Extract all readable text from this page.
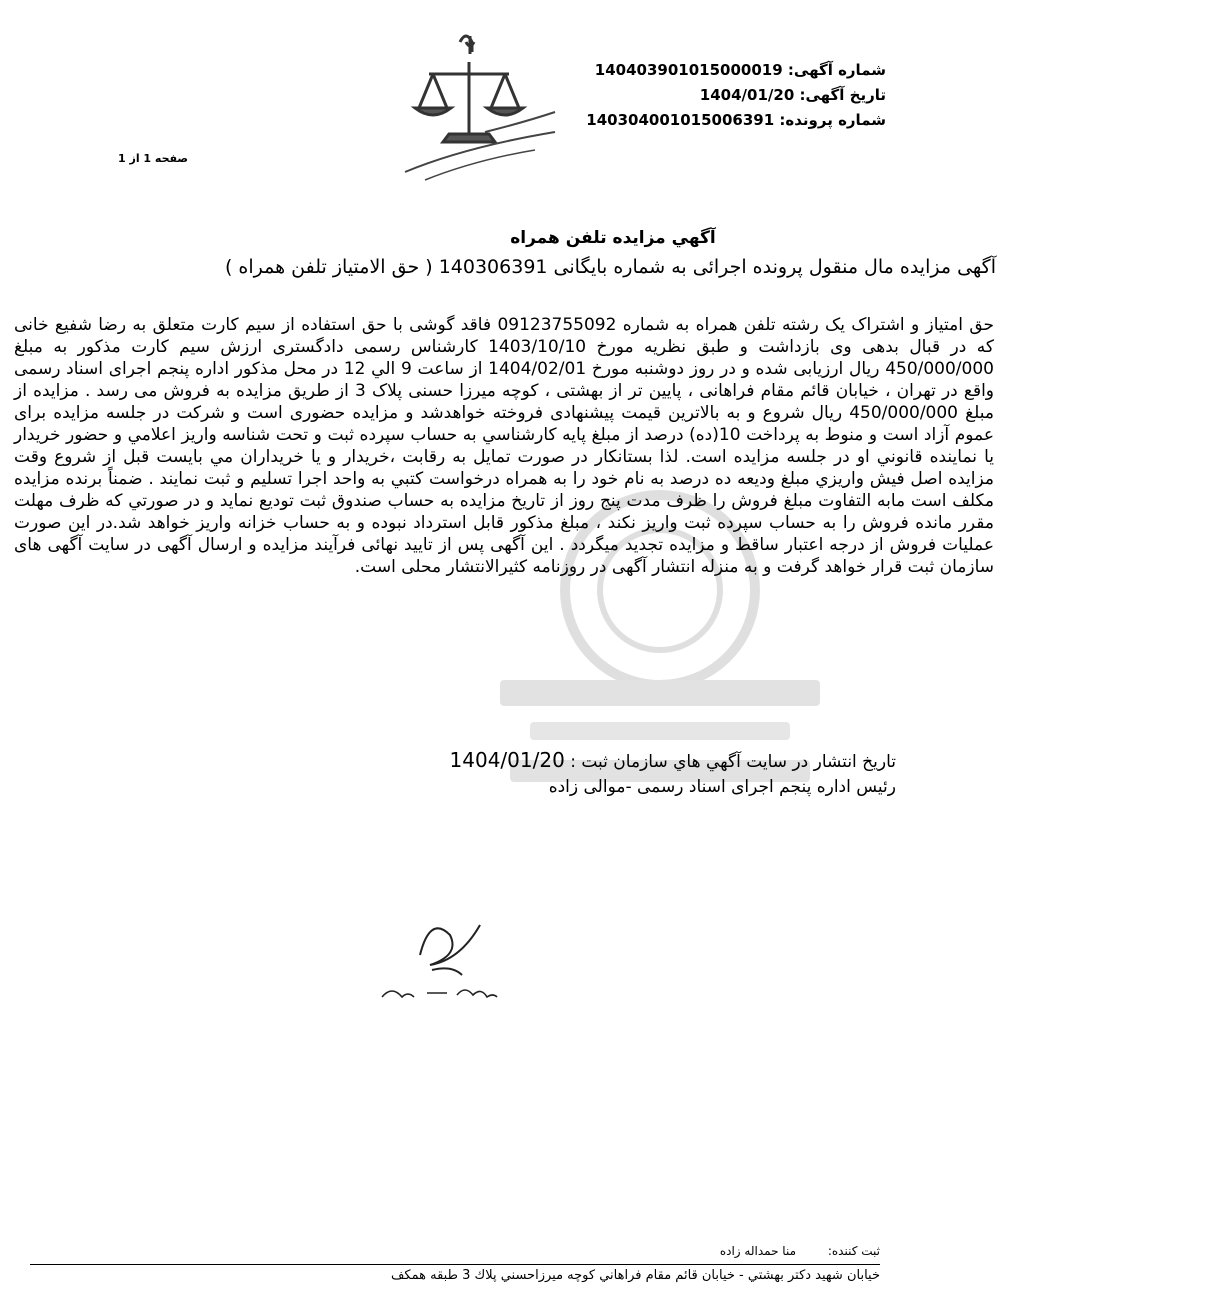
شماره آگهی: 140403901015000019
تاریخ آگهی: 1404/01/20
شماره پرونده: 140304001015006391
صفحه 1 از 1
آگهي مزايده تلفن همراه
آگهی مزایده مال منقول پرونده اجرائی به شماره بایگانی 140306391 ( حق الامتیاز تلفن همراه )
حق امتیاز و اشتراک یک رشته تلفن همراه به شماره 09123755092 فاقد گوشی با حق استفاده از سیم کارت متعلق به رضا شفیع خانی که در قبال بدهی وی بازداشت و طبق نظریه مورخ 1403/10/10 کارشناس رسمی دادگستری ارزش سیم کارت مذکور به مبلغ 450/000/000 ریال ارزیابی شده و در روز دوشنبه مورخ 1404/02/01 از ساعت 9 الي 12 در محل مذکور اداره پنجم اجرای اسناد رسمی واقع در تهران ، خیابان قائم مقام فراهانی ، پایین تر از بهشتی ، کوچه میرزا حسنی پلاک 3 از طریق مزایده به فروش می رسد . مزایده از مبلغ 450/000/000 ریال شروع و به بالاترین قیمت پیشنهادی فروخته خواهدشد و مزایده حضوری است و شرکت در جلسه مزایده برای عموم آزاد است و منوط به پرداخت 10(ده) درصد از مبلغ پایه کارشناسي به حساب سپرده ثبت و تحت شناسه واریز اعلامي و حضور خریدار یا نماینده قانوني او در جلسه مزایده است. لذا بستانكار در صورت تمایل به رقابت ،خریدار و یا خریداران مي بایست قبل از شروع وقت مزایده اصل فیش واریزي مبلغ ودیعه ده درصد به نام خود را به همراه درخواست كتبي به واحد اجرا تسلیم و ثبت نمایند . ضمناً برنده مزایده مکلف است مابه التفاوت مبلغ فروش را ظرف مدت پنج روز از تاریخ مزایده به حساب صندوق ثبت توديع نماید و در صورتي كه ظرف مهلت مقرر مانده فروش را به حساب سپرده ثبت واریز نكند ، مبلغ مذكور قابل استرداد نبوده و به حساب خزانه واریز خواهد شد.در این صورت عملیات فروش از درجه اعتبار ساقط و مزایده تجدید میگردد . این آگهی پس از تایید نهائی فرآیند مزایده و ارسال آگهی در سایت آگهی های سازمان ثبت قرار خواهد گرفت و به منزله انتشار آگهی در روزنامه کثیرالانتشار محلی است.
تاريخ انتشار در سايت آگهي هاي سازمان ثبت : 1404/01/20
رئیس اداره پنجم اجرای اسناد رسمی -موالی زاده
ثبت کننده: منا حمداله زاده
خيابان شهيد دكتر بهشتي - خيابان قائم مقام فراهاني كوچه ميرزاحسني پلاك 3 طبقه همكف
